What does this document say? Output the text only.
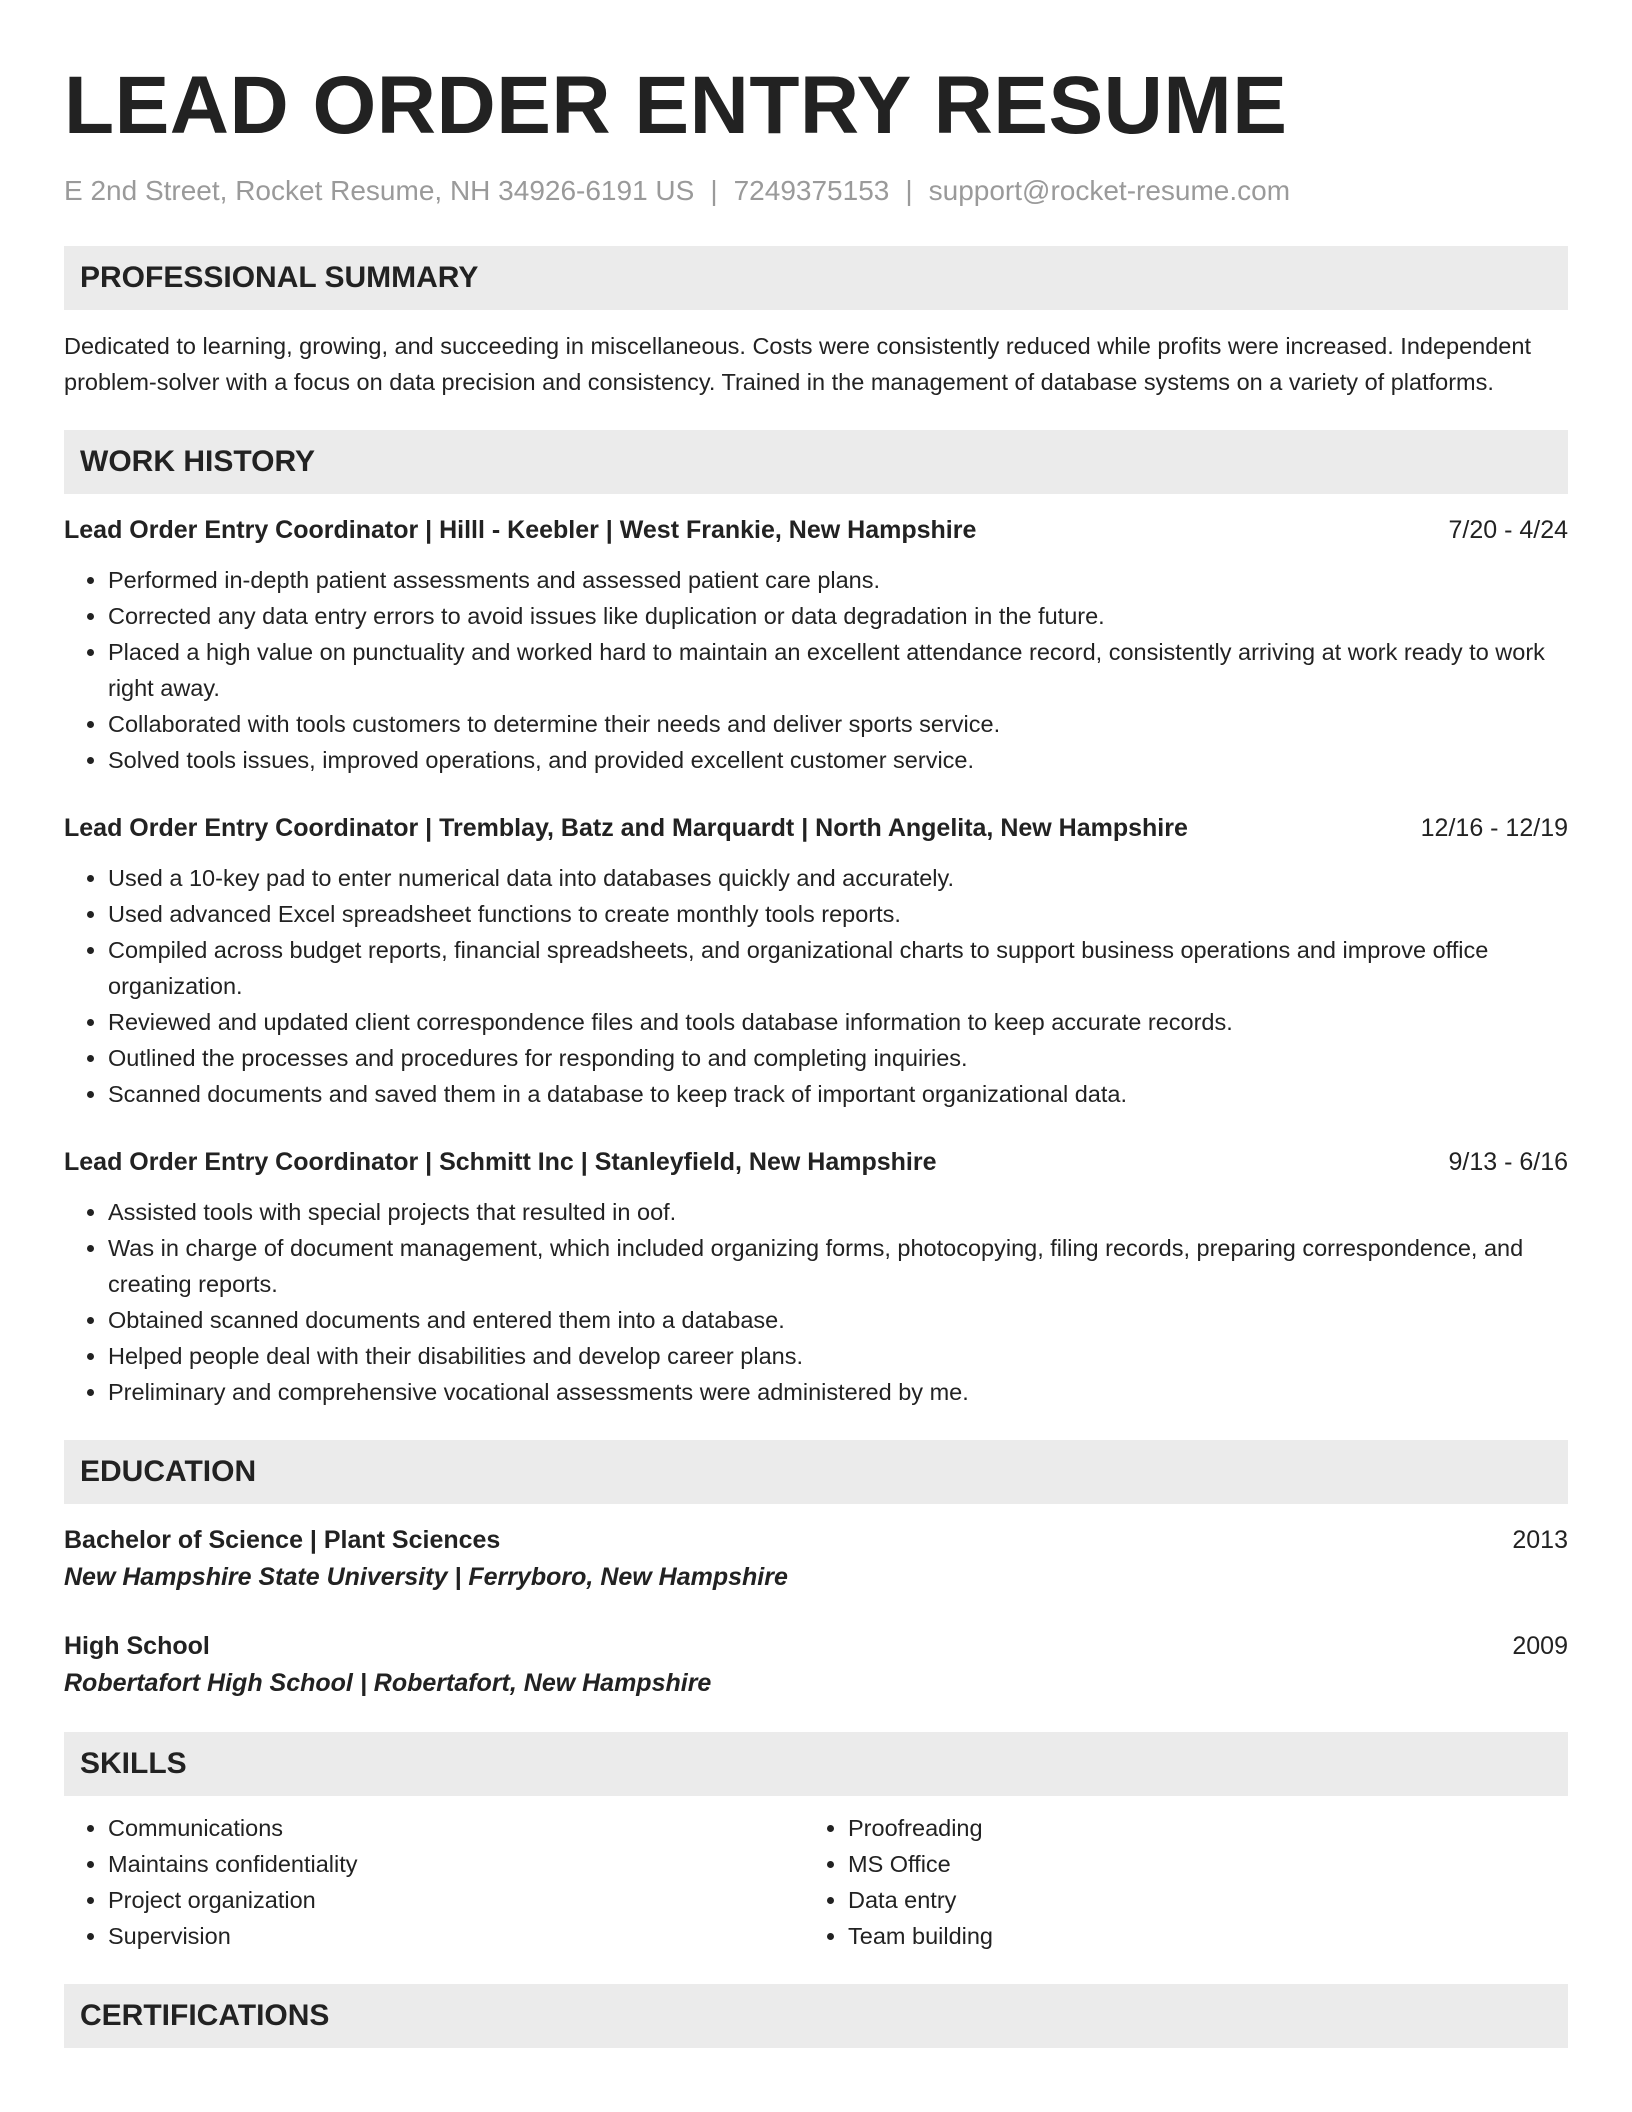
LEAD ORDER ENTRY RESUME
E 2nd Street, Rocket Resume, NH 34926-6191 US | 7249375153 | support@rocket-resume.com
PROFESSIONAL SUMMARY

Dedicated to learning, growing, and succeeding in miscellaneous. Costs were consistently reduced while profits were increased. Independent problem-solver with a focus on data precision and consistency. Trained in the management of database systems on a variety of platforms.

WORK HISTORY
Lead Order Entry Coordinator | Hilll - Keebler | West Frankie, New Hampshire	7/20 - 4/24
• Performed in-depth patient assessments and assessed patient care plans.
• Corrected any data entry errors to avoid issues like duplication or data degradation in the future.
• Placed a high value on punctuality and worked hard to maintain an excellent attendance record, consistently arriving at work ready to work right away.
• Collaborated with tools customers to determine their needs and deliver sports service.
• Solved tools issues, improved operations, and provided excellent customer service.
Lead Order Entry Coordinator | Tremblay, Batz and Marquardt | North Angelita, New Hampshire	12/16 - 12/19
• Used a 10-key pad to enter numerical data into databases quickly and accurately.
• Used advanced Excel spreadsheet functions to create monthly tools reports.
• Compiled across budget reports, financial spreadsheets, and organizational charts to support business operations and improve office organization.
• Reviewed and updated client correspondence files and tools database information to keep accurate records.
• Outlined the processes and procedures for responding to and completing inquiries.
• Scanned documents and saved them in a database to keep track of important organizational data.
Lead Order Entry Coordinator | Schmitt Inc | Stanleyfield, New Hampshire	9/13 - 6/16
• Assisted tools with special projects that resulted in oof.
• Was in charge of document management, which included organizing forms, photocopying, filing records, preparing correspondence, and creating reports.
• Obtained scanned documents and entered them into a database.
• Helped people deal with their disabilities and develop career plans.
• Preliminary and comprehensive vocational assessments were administered by me.
EDUCATION
Bachelor of Science | Plant Sciences	2013
New Hampshire State University | Ferryboro, New Hampshire
High School	2009
Robertafort High School | Robertafort, New Hampshire
SKILLS
• Communications
• Maintains confidentiality
• Project organization
• Supervision
• Proofreading
• MS Office
• Data entry
• Team building
CERTIFICATIONS
